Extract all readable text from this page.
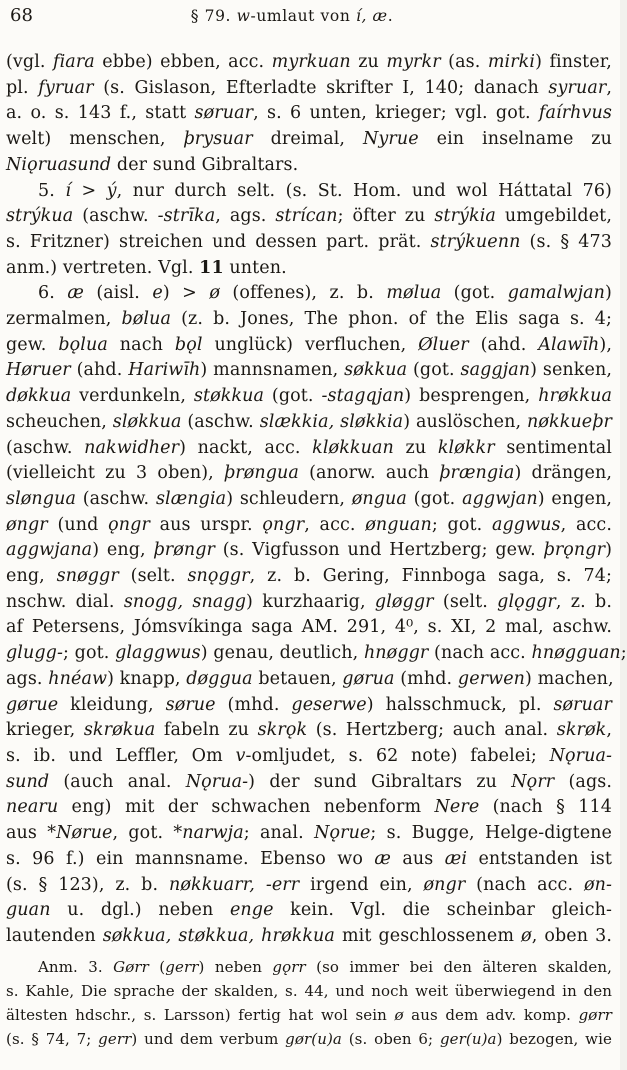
68	§ 79. w-umlaut von í, æ.
(vgl. fiara ebbe) ebben, acc. myrkuan zu myrkr (as. mirki) finster,
pl. fyruar (s. Gislason, Efterladte skrifter I, 140; danach syruar,
a. o. s. 143 f., statt søruar, s. 6 unten, krieger; vgl. got. faírhvus
welt) menschen, þrysuar dreimal, Nyrue ein inselname zu
Niǫruasund der sund Gibraltars.
5. í > ý, nur durch selt. (s. St. Hom. und wol Háttatal 76)
strýkua (aschw. -strīka, ags. strícan; öfter zu strýkia umgebildet,
s. Fritzner) streichen und dessen part. prät. strýkuenn (s. § 473
anm.) vertreten. Vgl. 11 unten.
6. æ (aisl. e) > ø (offenes), z. b. mølua (got. gamalwjan)
zermalmen, bølua (z. b. Jones, The phon. of the Elis saga s. 4;
gew. bǫlua nach bǫl unglück) verfluchen, Øluer (ahd. Alawīh),
Høruer (ahd. Hariwīh) mannsnamen, søkkua (got. saggjan) senken,
døkkua verdunkeln, støkkua (got. -stagqjan) besprengen, hrøkkua
scheuchen, sløkkua (aschw. slækkia, sløkkia) auslöschen, nøkkueþr
(aschw. nakwidher) nackt, acc. kløkkuan zu kløkkr sentimental
(vielleicht zu 3 oben), þrøngua (anorw. auch þrængia) drängen,
sløngua (aschw. slængia) schleudern, øngua (got. aggwjan) engen,
øngr (und ǫngr aus urspr. ǫngr, acc. ønguan; got. aggwus, acc.
aggwjana) eng, þrøngr (s. Vigfusson und Hertzberg; gew. þrǫngr)
eng, snøggr (selt. snǫggr, z. b. Gering, Finnboga saga, s. 74;
nschw. dial. snogg, snagg) kurzhaarig, gløggr (selt. glǫggr, z. b.
af Petersens, Jómsvíkinga saga AM. 291, 4⁰, s. XI, 2 mal, aschw.
glugg-; got. glaggwus) genau, deutlich, hnøggr (nach acc. hnøgguan;
ags. hnéaw) knapp, døggua betauen, gørua (mhd. gerwen) machen,
gørue kleidung, sørue (mhd. geserwe) halsschmuck, pl. søruar
krieger, skrøkua fabeln zu skrǫk (s. Hertzberg; auch anal. skrøk,
s. ib. und Leffler, Om v-omljudet, s. 62 note) fabelei; Nǫrua-
sund (auch anal. Nǫrua-) der sund Gibraltars zu Nǫrr (ags.
nearu eng) mit der schwachen nebenform Nere (nach § 114
aus *Nørue, got. *narwja; anal. Nǫrue; s. Bugge, Helge-digtene
s. 96 f.) ein mannsname. Ebenso wo æ aus æi entstanden ist
(s. § 123), z. b. nøkkuarr, -err irgend ein, øngr (nach acc. øn-
guan u. dgl.) neben enge kein. Vgl. die scheinbar gleich-
lautenden søkkua, støkkua, hrøkkua mit geschlossenem ø, oben 3.
Anm. 3. Gørr (gerr) neben gǫrr (so immer bei den älteren skalden,
s. Kahle, Die sprache der skalden, s. 44, und noch weit überwiegend in den
ältesten hdschr., s. Larsson) fertig hat wol sein ø aus dem adv. komp. gørr
(s. § 74, 7; gerr) und dem verbum gør(u)a (s. oben 6; ger(u)a) bezogen, wie
